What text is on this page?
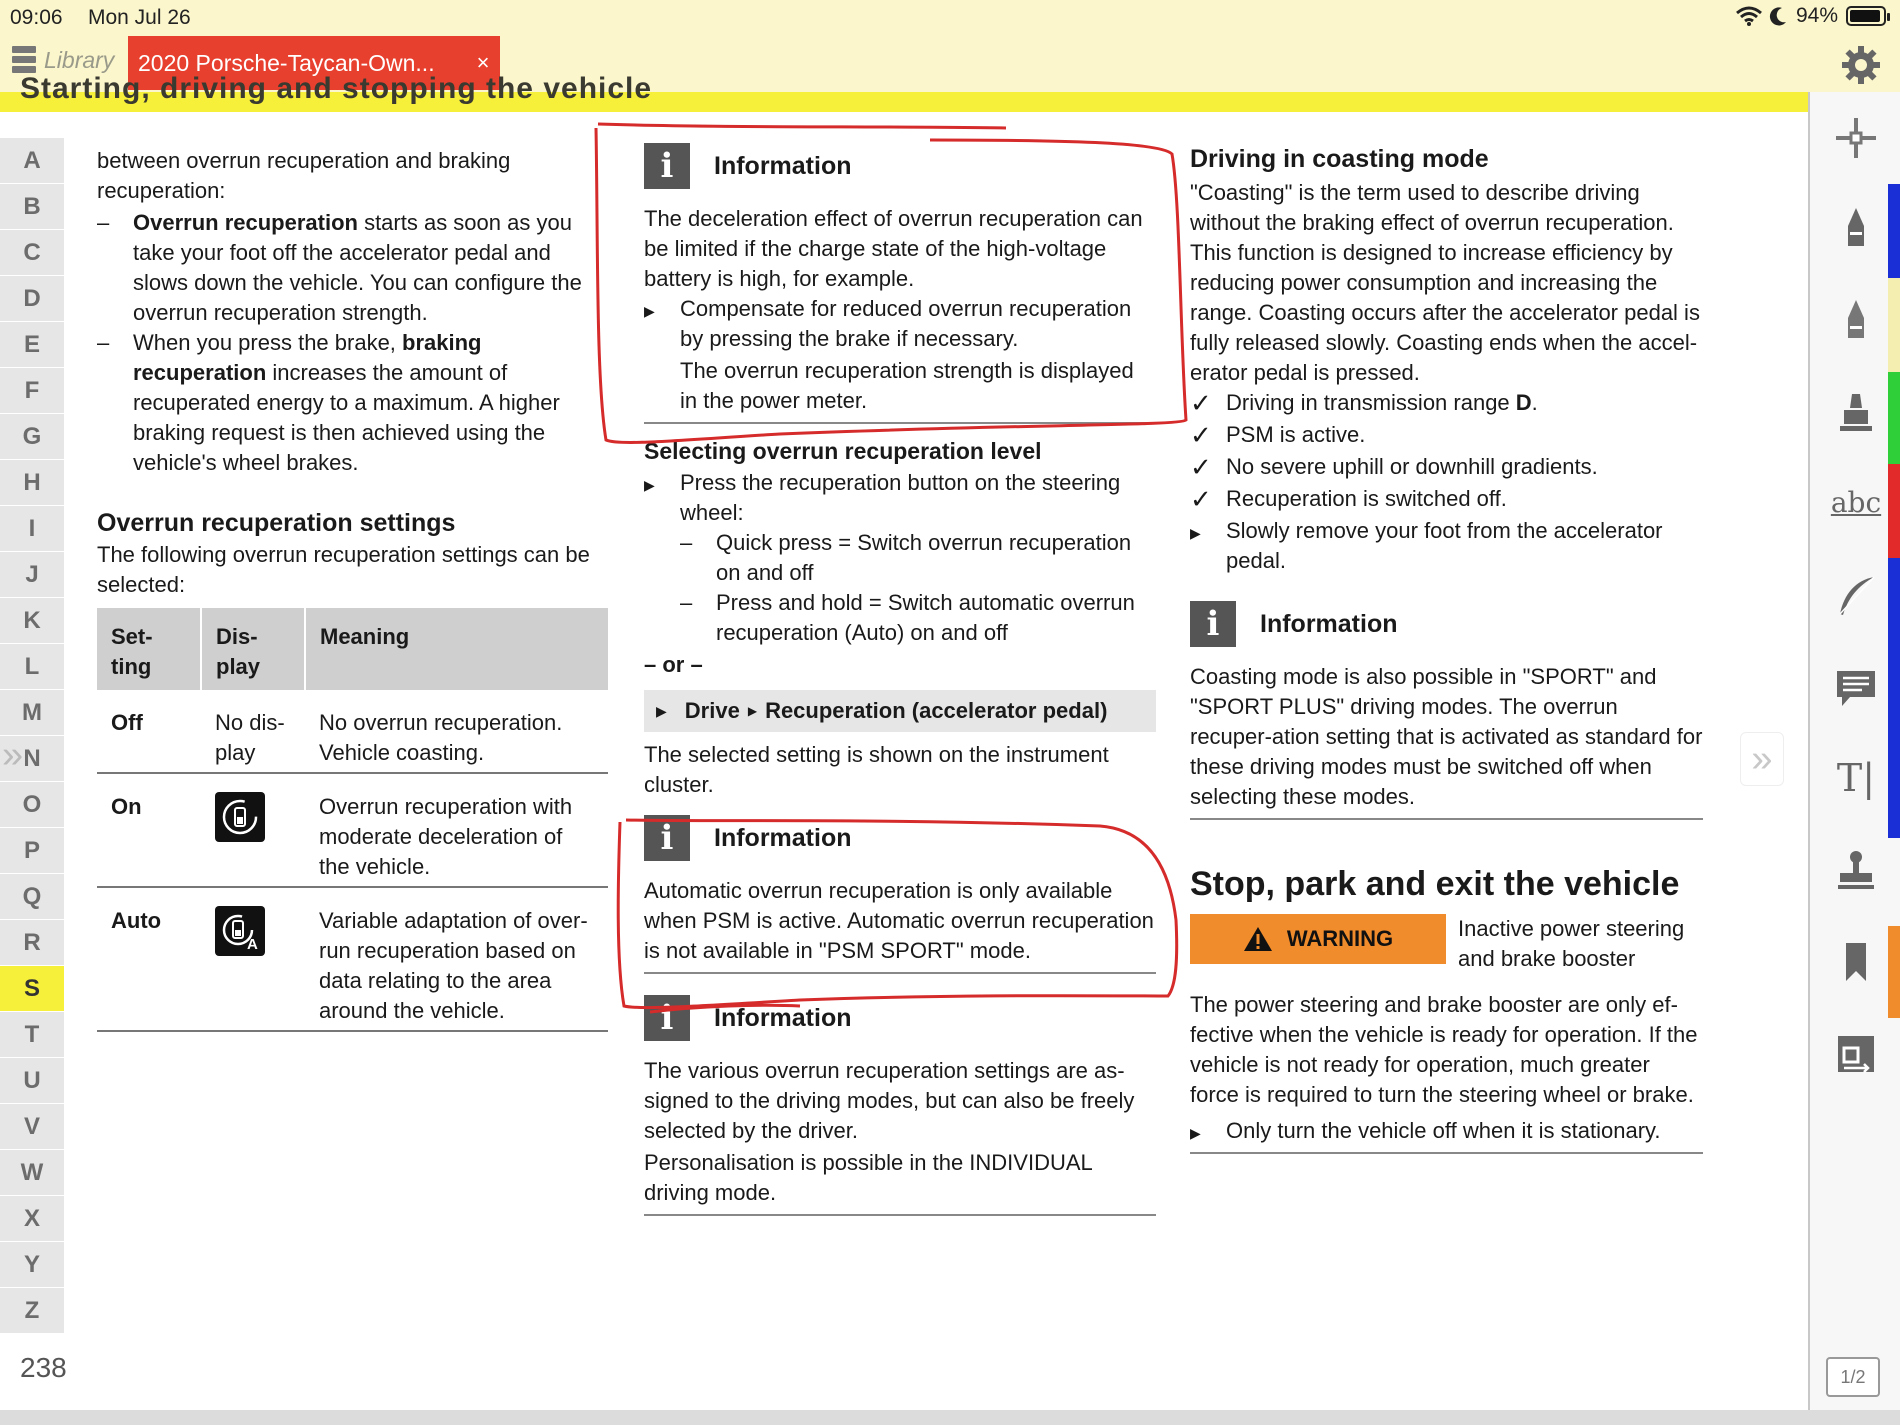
09:06 Mon Jul 26	94%
Library 2020 Porsche-Taycan-Own...	×
Starting, driving and stopping the vehicle
A
B
C
D
E
F
G
H
I
J
K
L
M
N
O
P
Q
R
S
T
U
V
W
X
Y
Z
238

between overrun recuperation and braking recuperation:

–	Overrun recuperation starts as soon as you take your foot off the accelerator pedal and slows down the vehicle. You can configure the overrun recuperation strength.
–	When you press the brake, braking recuperation increases the amount of recuperated energy to a maximum. A higher braking request is then achieved using the vehicle's wheel brakes.

Overrun recuperation settings

The following overrun recuperation settings can be selected:

Set-ting	Dis-play	Meaning
Off	No dis-play	No overrun recuperation. Vehicle coasting.
On		Overrun recuperation with moderate deceleration of the vehicle.
Auto	A	Variable adaptation of over-run recuperation based on data relating to the area around the vehicle.
i	Information

The deceleration effect of overrun recuperation can be limited if the charge state of the high-voltage battery is high, for example.

▶	Compensate for reduced overrun recuperation by pressing the brake if necessary.

The overrun recuperation strength is displayed in the power meter.

Selecting overrun recuperation level

▶	Press the recuperation button on the steering wheel:
–	Quick press = Switch overrun recuperation on and off
–	Press and hold = Switch automatic overrun recuperation (Auto) on and off

– or –

▶ Drive ▶ Recuperation (accelerator pedal)

The selected setting is shown on the instrument cluster.

i	Information

Automatic overrun recuperation is only available when PSM is active. Automatic overrun recuperation is not available in "PSM SPORT" mode.

i	Information

The various overrun recuperation settings are as-signed to the driving modes, but can also be freely selected by the driver.

Personalisation is possible in the INDIVIDUAL driving mode.

Driving in coasting mode

"Coasting" is the term used to describe driving without the braking effect of overrun recuperation. This function is designed to increase efficiency by reducing power consumption and increasing the range. Coasting occurs after the accelerator pedal is fully released slowly. Coasting ends when the accel-erator pedal is pressed.

✓ Driving in transmission range D.
✓ PSM is active.
✓ No severe uphill or downhill gradients.
✓ Recuperation is switched off.
▶	Slowly remove your foot from the accelerator pedal.
i	Information

Coasting mode is also possible in "SPORT" and "SPORT PLUS" driving modes. The overrun recuper-ation setting that is activated as standard for these driving modes must be switched off when selecting these modes.

Stop, park and exit the vehicle

WARNING	Inactive power steering and brake booster

The power steering and brake booster are only ef-fective when the vehicle is ready for operation. If the vehicle is not ready for operation, much greater force is required to turn the steering wheel or brake.

▶	Only turn the vehicle off when it is stationary.
»	»
abc
T|
1/2
